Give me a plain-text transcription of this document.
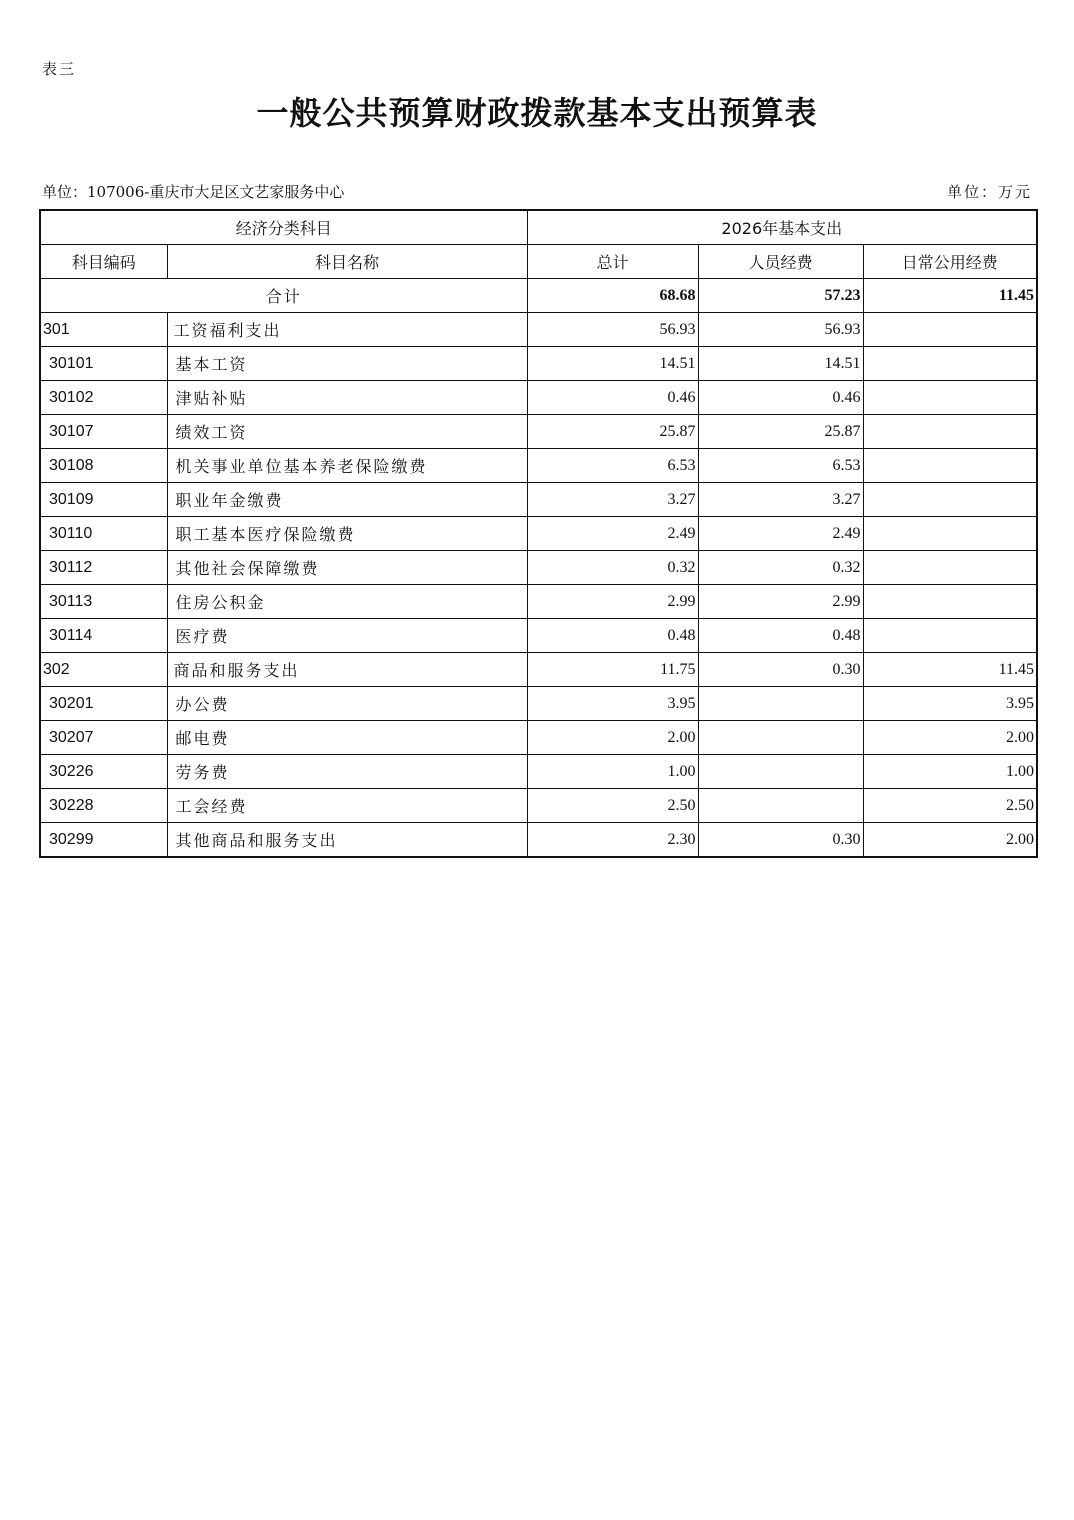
表三
一般公共预算财政拨款基本支出预算表
单位：107006-重庆市大足区文艺家服务中心	单位：万元
经济分类科目		2026年基本支出		
科目编码	科目名称	总计	人员经费	日常公用经费
合计		68.68	57.23	11.45
301	工资福利支出	56.93	56.93	
30101	基本工资	14.51	14.51	
30102	津贴补贴	0.46	0.46	
30107	绩效工资	25.87	25.87	
30108	机关事业单位基本养老保险缴费	6.53	6.53	
30109	职业年金缴费	3.27	3.27	
30110	职工基本医疗保险缴费	2.49	2.49	
30112	其他社会保障缴费	0.32	0.32	
30113	住房公积金	2.99	2.99	
30114	医疗费	0.48	0.48	
302	商品和服务支出	11.75	0.30	11.45
30201	办公费	3.95		3.95
30207	邮电费	2.00		2.00
30226	劳务费	1.00		1.00
30228	工会经费	2.50		2.50
30299	其他商品和服务支出	2.30	0.30	2.00
